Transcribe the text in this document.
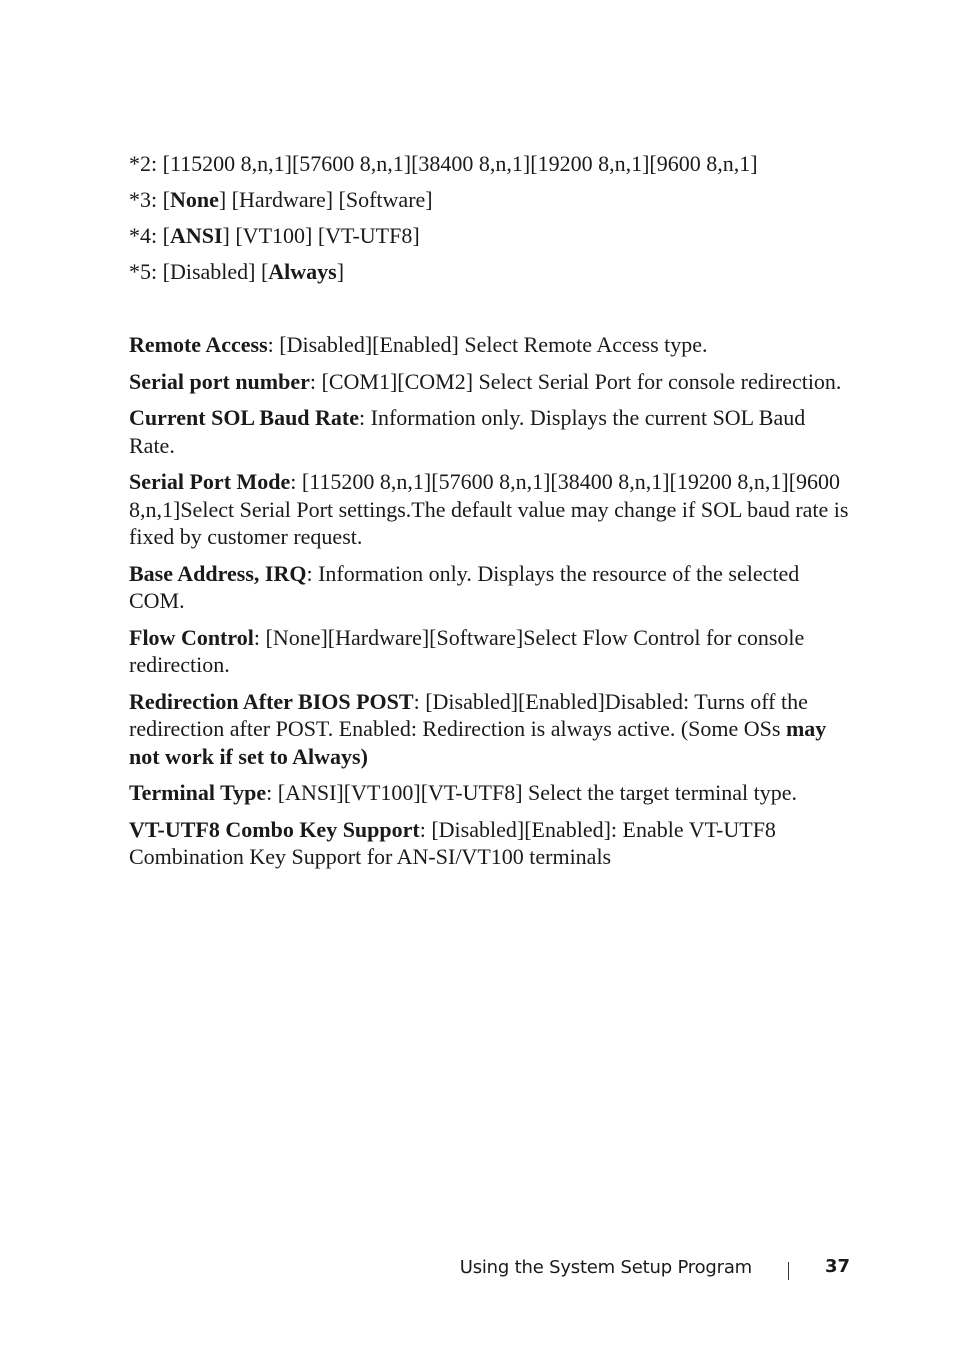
*2: [115200 8,n,1][57600 8,n,1][38400 8,n,1][19200 8,n,1][9600 8,n,1]

*3: [None] [Hardware] [Software]

*4: [ANSI] [VT100] [VT-UTF8]

*5: [Disabled] [Always]

Remote Access: [Disabled][Enabled] Select Remote Access type.

Serial port number: [COM1][COM2] Select Serial Port for console redirection.

Current SOL Baud Rate: Information only. Displays the current SOL Baud Rate.

Serial Port Mode: [115200 8,n,1][57600 8,n,1][38400 8,n,1][19200 8,n,1][9600 8,n,1]Select Serial Port settings.The default value may change if SOL baud rate is fixed by customer request.

Base Address, IRQ: Information only. Displays the resource of the selected COM.

Flow Control: [None][Hardware][Software]Select Flow Control for console redirection.

Redirection After BIOS POST: [Disabled][Enabled]Disabled: Turns off the redirection after POST. Enabled: Redirection is always active. (Some OSs may not work if set to Always)

Terminal Type: [ANSI][VT100][VT-UTF8] Select the target terminal type.

VT-UTF8 Combo Key Support: [Disabled][Enabled]: Enable VT-UTF8 Combination Key Support for AN-SI/VT100 terminals

Using the System Setup Program	37
